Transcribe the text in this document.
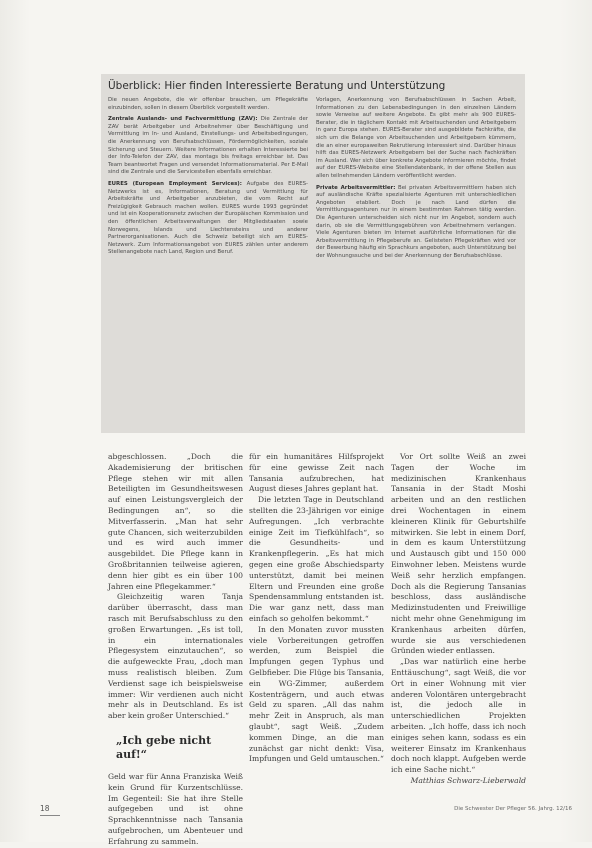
Überblick: Hier finden Interessierte Beratung und Unterstützung

Die neuen Angebote, die wir offenbar brauchen, um Pflegekräfte einzubinden, sollen in diesem Überblick vorgestellt werden.

Zentrale Auslands- und Fachvermittlung (ZAV): Die Zentrale der ZAV berät Arbeitgeber und Arbeitnehmer über Beschäftigung und Vermittlung im In- und Ausland, Einstellungs- und Arbeitsbedingungen, die Anerkennung von Berufsabschlüssen, Fördermöglichkeiten, soziale Sicherung und Steuern. Weitere Informationen erhalten Interessierte bei der Info-Telefon der ZAV, das montags bis freitags erreichbar ist. Das Team beantwortet Fragen und versendet Informationsmaterial. Per E-Mail sind die Zentrale und die Servicestellen ebenfalls erreichbar.

EURES (European Employment Services): Aufgabe des EURES-Netzwerks ist es, Informationen, Beratung und Vermittlung für Arbeitskräfte und Arbeitgeber anzubieten, die vom Recht auf Freizügigkeit Gebrauch machen wollen. EURES wurde 1993 gegründet und ist ein Kooperationsnetz zwischen der Europäischen Kommission und den öffentlichen Arbeitsverwaltungen der Mitgliedstaaten sowie Norwegens, Islands und Liechtensteins und anderer Partnerorganisationen. Auch die Schweiz beteiligt sich am EURES-Netzwerk. Zum Informationsangebot von EURES zählen unter anderem Stellenangebote nach Land, Region und Beruf.

Vorlagen, Anerkennung von Berufsabschlüssen in Sachen Arbeit, Informationen zu den Lebensbedingungen in den einzelnen Ländern sowie Verweise auf weitere Angebote. Es gibt mehr als 900 EURES-Berater, die in täglichem Kontakt mit Arbeitsuchenden und Arbeitgebern in ganz Europa stehen. EURES-Berater sind ausgebildete Fachkräfte, die sich um die Belange von Arbeitsuchenden und Arbeitgebern kümmern, die an einer europaweiten Rekrutierung interessiert sind. Darüber hinaus hilft das EURES-Netzwerk Arbeitgebern bei der Suche nach Fachkräften im Ausland. Wer sich über konkrete Angebote informieren möchte, findet auf der EURES-Website eine Stellendatenbank, in der offene Stellen aus allen teilnehmenden Ländern veröffentlicht werden.

Private Arbeitsvermittler: Bei privaten Arbeitsvermittlern haben sich auf ausländische Kräfte spezialisierte Agenturen mit unterschiedlichen Angeboten etabliert. Doch je nach Land dürfen die Vermittlungsagenturen nur in einem bestimmten Rahmen tätig werden. Die Agenturen unterscheiden sich nicht nur im Angebot, sondern auch darin, ob sie die Vermittlungsgebühren von Arbeitnehmern verlangen. Viele Agenturen bieten im Internet ausführliche Informationen für die Arbeitsvermittlung in Pflegeberufe an. Gelisteten Pflegekräften wird vor der Bewerbung häufig ein Sprachkurs angeboten, auch Unterstützung bei der Wohnungssuche und bei der Anerkennung der Berufsabschlüsse.

abgeschlossen. „Doch die Akademisierung der britischen Pflege stehen wir mit allen Beteiligten im Gesundheitswesen auf einen Leistungsvergleich der Bedingungen an“, so die Mitverfasserin. „Man hat sehr gute Chancen, sich weiterzubilden und es wird auch immer ausgebildet. Die Pflege kann in Großbritannien teilweise agieren, denn hier gibt es ein über 100 Jahren eine Pflegekammer.“

Gleichzeitig waren Tanja darüber überrascht, dass man rasch mit Berufsabschluss zu den großen Erwartungen. „Es ist toll, in ein internationales Pflegesystem einzutauchen“, so die aufgeweckte Frau, „doch man muss realistisch bleiben. Zum Verdienst sage ich beispielsweise immer: Wir verdienen auch nicht mehr als in Deutschland. Es ist aber kein großer Unterschied.“

„Ich gebe nicht auf!“

Geld war für Anna Franziska Weiß kein Grund für Kurzentschlüsse. Im Gegenteil: Sie hat ihre Stelle aufgegeben und ist ohne Sprachkenntnisse nach Tansania aufgebrochen, um Abenteuer und Erfahrung zu sammeln.

für ein humanitäres Hilfsprojekt für eine gewisse Zeit nach Tansania aufzubrechen, hat August dieses Jahres geplant hat.

Die letzten Tage in Deutschland stellten die 23-Jährigen vor einige Aufregungen. „Ich verbrachte einige Zeit im Tiefkühlfach“, so die Gesundheits- und Krankenpflegerin. „Es hat mich gegen eine große Abschiedsparty unterstützt, damit bei meinen Eltern und Freunden eine große Spendensammlung entstanden ist. Die war ganz nett, dass man einfach so geholfen bekommt.“

In den Monaten zuvor mussten viele Vorbereitungen getroffen werden, zum Beispiel die Impfungen gegen Typhus und Gelbfieber. Die Flüge bis Tansania, ein WG-Zimmer, außerdem Kostenträgern, und auch etwas Geld zu sparen. „All das nahm mehr Zeit in Anspruch, als man glaubt“, sagt Weiß. „Zudem kommen Dinge, an die man zunächst gar nicht denkt: Visa, Impfungen und Geld umtauschen.“

Vor Ort sollte Weiß an zwei Tagen der Woche im medizinischen Krankenhaus Tansania in der Stadt Moshi arbeiten und an den restlichen drei Wochentagen in einem kleineren Klinik für Geburtshilfe mitwirken. Sie lebt in einem Dorf, in dem es kaum Unterstützung und Austausch gibt und 150 000 Einwohner leben. Meistens wurde Weiß sehr herzlich empfangen. Doch als die Regierung Tansanias beschloss, dass ausländische Medizinstudenten und Freiwillige nicht mehr ohne Genehmigung im Krankenhaus arbeiten dürfen, wurde sie aus verschiedenen Gründen wieder entlassen.

„Das war natürlich eine herbe Enttäuschung“, sagt Weiß, die vor Ort in einer Wohnung mit vier anderen Volontären untergebracht ist, die jedoch alle in unterschiedlichen Projekten arbeiten. „Ich hoffe, dass ich noch einiges sehen kann, sodass es ein weiterer Einsatz im Krankenhaus doch noch klappt. Aufgeben werde ich eine Sache nicht.“

Matthias Schwarz-Lieberwald

18	Die Schwester Der Pfleger 56. Jahrg. 12/16
